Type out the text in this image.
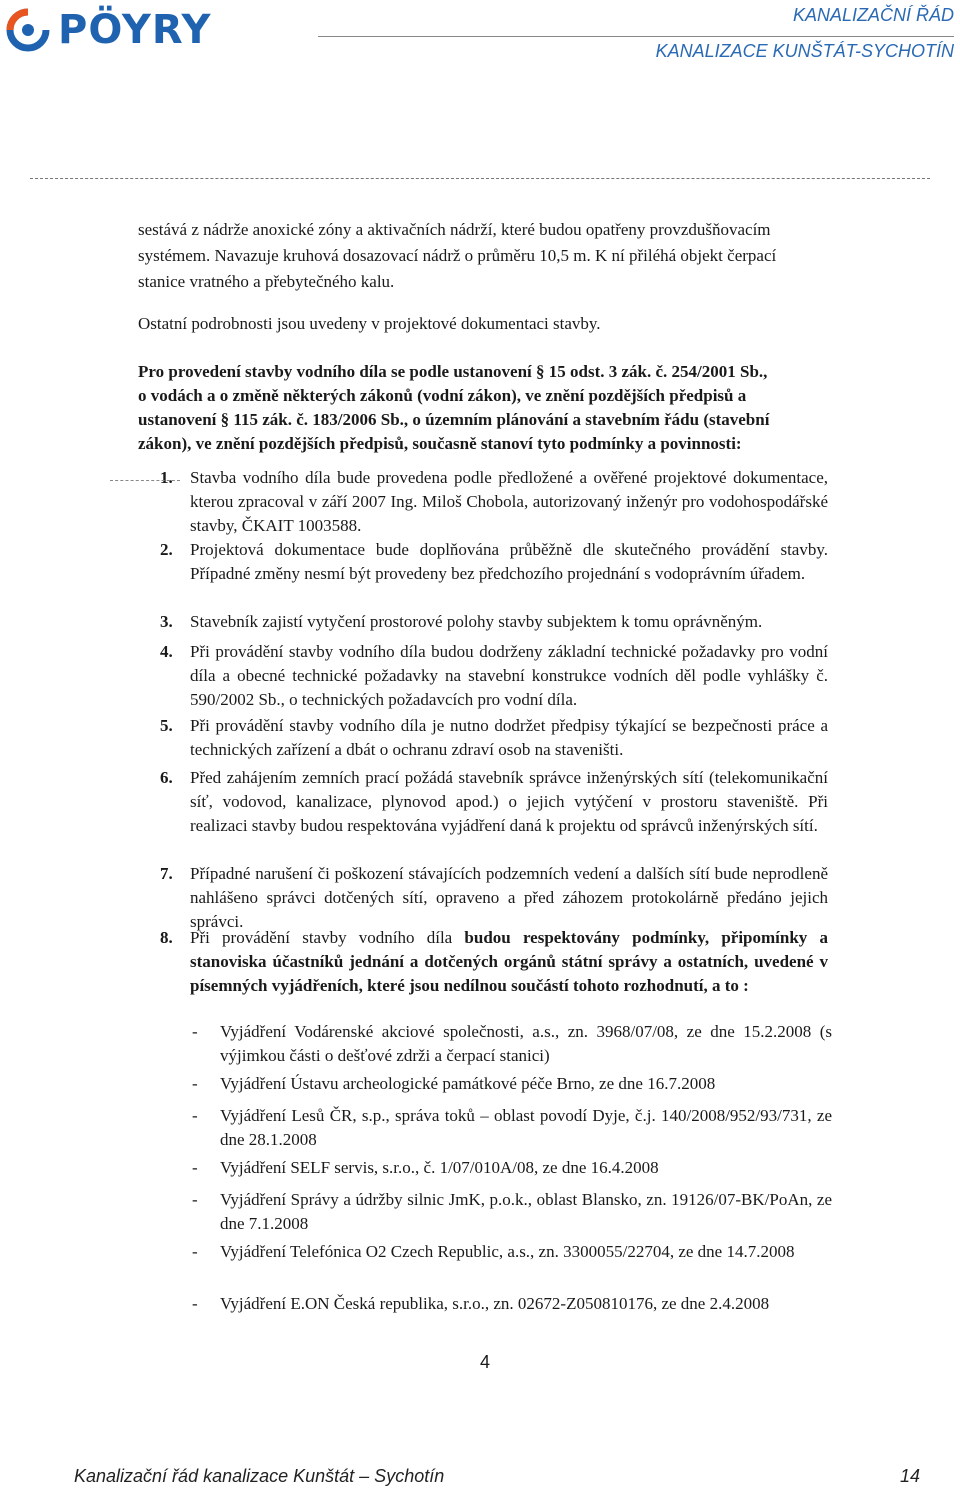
PÖYRY	KANALIZAČNÍ ŘÁD
KANALIZACE KUNŠTÁT-SYCHOTÍN
sestává z nádrže anoxické zóny a aktivačních nádrží, které budou opatřeny provzdušňovacím
systémem. Navazuje kruhová dosazovací nádrž o průměru 10,5 m. K ní přiléhá objekt čerpací
stanice vratného a přebytečného kalu.
Ostatní podrobnosti jsou uvedeny v projektové dokumentaci stavby.
Pro provedení stavby vodního díla se podle ustanovení § 15 odst. 3 zák. č. 254/2001 Sb.,
o vodách a o změně některých zákonů (vodní zákon), ve znění pozdějších předpisů a
ustanovení § 115 zák. č. 183/2006 Sb., o územním plánování a stavebním řádu (stavební
zákon), ve znění pozdějších předpisů, současně stanoví tyto podmínky a povinnosti:
1.	Stavba vodního díla bude provedena podle předložené a ověřené projektové dokumentace, kterou zpracoval v září 2007 Ing. Miloš Chobola, autorizovaný inženýr pro vodohospodářské stavby, ČKAIT 1003588.
2.	Projektová dokumentace bude doplňována průběžně dle skutečného provádění stavby. Případné změny nesmí být provedeny bez předchozího projednání s vodoprávním úřadem.
3.	Stavebník zajistí vytyčení prostorové polohy stavby subjektem k tomu oprávněným.
4.	Při provádění stavby vodního díla budou dodrženy základní technické požadavky pro vodní díla a obecné technické požadavky na stavební konstrukce vodních děl podle vyhlášky č. 590/2002 Sb., o technických požadavcích pro vodní díla.
5.	Při provádění stavby vodního díla je nutno dodržet předpisy týkající se bezpečnosti práce a technických zařízení a dbát o ochranu zdraví osob na staveništi.
6.	Před zahájením zemních prací požádá stavebník správce inženýrských sítí (telekomunikační síť, vodovod, kanalizace, plynovod apod.) o jejich vytýčení v prostoru staveniště. Při realizaci stavby budou respektována vyjádření daná k projektu od správců inženýrských sítí.
7.	Případné narušení či poškození stávajících podzemních vedení a dalších sítí bude neprodleně nahlášeno správci dotčených sítí, opraveno a před záhozem protokolárně předáno jejich správci.
8.	Při provádění stavby vodního díla budou respektovány podmínky, připomínky a stanoviska účastníků jednání a dotčených orgánů státní správy a ostatních, uvedené v písemných vyjádřeních, které jsou nedílnou součástí tohoto rozhodnutí, a to :
- Vyjádření Vodárenské akciové společnosti, a.s., zn. 3968/07/08, ze dne 15.2.2008 (s výjimkou části o dešťové zdrži a čerpací stanici)
- Vyjádření Ústavu archeologické památkové péče Brno, ze dne 16.7.2008
- Vyjádření Lesů ČR, s.p., správa toků – oblast povodí Dyje, č.j. 140/2008/952/93/731, ze dne 28.1.2008
- Vyjádření SELF servis, s.r.o., č. 1/07/010A/08, ze dne 16.4.2008
- Vyjádření Správy a údržby silnic JmK, p.o.k., oblast Blansko, zn. 19126/07-BK/PoAn, ze dne 7.1.2008
- Vyjádření Telefónica O2 Czech Republic, a.s., zn. 3300055/22704, ze dne 14.7.2008
- Vyjádření E.ON Česká republika, s.r.o., zn. 02672-Z050810176, ze dne 2.4.2008
4
Kanalizační řád kanalizace Kunštát – Sychotín	14
